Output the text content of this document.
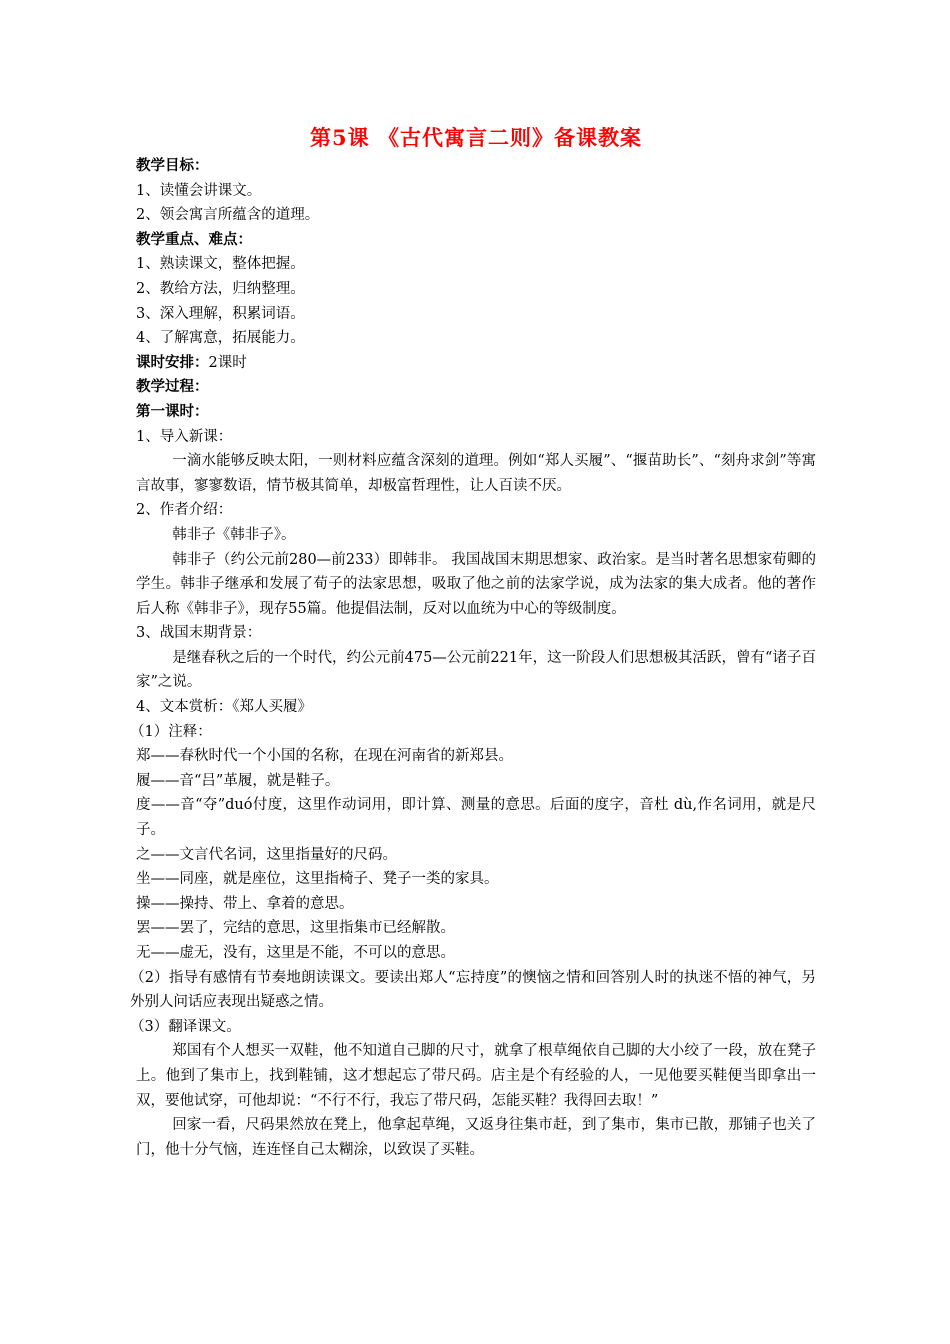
第5课 《古代寓言二则》备课教案
教学目标：
1、读懂会讲课文。
2、领会寓言所蕴含的道理。
教学重点、难点：
1、熟读课文，整体把握。
2、教给方法，归纳整理。
3、深入理解，积累词语。
4、了解寓意，拓展能力。
课时安排：2课时
教学过程：
第一课时：
1、导入新课：
一滴水能够反映太阳，一则材料应蕴含深刻的道理。例如“郑人买履”、“揠苗助长”、“刻舟求剑”等寓言故事，寥寥数语，情节极其简单，却极富哲理性，让人百读不厌。
2、作者介绍：
韩非子《韩非子》。
韩非子（约公元前280—前233）即韩非。 我国战国末期思想家、政治家。是当时著名思想家荀卿的学生。韩非子继承和发展了荀子的法家思想，吸取了他之前的法家学说，成为法家的集大成者。他的著作后人称《韩非子》，现存55篇。他提倡法制，反对以血统为中心的等级制度。
3、战国末期背景：
是继春秋之后的一个时代，约公元前475—公元前221年，这一阶段人们思想极其活跃，曾有“诸子百家”之说。
4、文本赏析：《郑人买履》
（1）注释：
郑——春秋时代一个小国的名称，在现在河南省的新郑县。
履——音“吕”革履，就是鞋子。
度——音“夺”duó付度，这里作动词用，即计算、测量的意思。后面的度字，音杜 dù,作名词用，就是尺子。
之——文言代名词，这里指量好的尺码。
坐——同座，就是座位，这里指椅子、凳子一类的家具。
操——操持、带上、拿着的意思。
罢——罢了，完结的意思，这里指集市已经解散。
无——虚无，没有，这里是不能，不可以的意思。
（2）指导有感情有节奏地朗读课文。要读出郑人“忘持度”的懊恼之情和回答别人时的执迷不悟的神气，另外别人问话应表现出疑惑之情。
（3）翻译课文。
郑国有个人想买一双鞋，他不知道自己脚的尺寸，就拿了根草绳依自己脚的大小绞了一段，放在凳子上。他到了集市上，找到鞋铺，这才想起忘了带尺码。店主是个有经验的人，一见他要买鞋便当即拿出一双，要他试穿，可他却说：“不行不行，我忘了带尺码，怎能买鞋？我得回去取！”
回家一看，尺码果然放在凳上，他拿起草绳，又返身往集市赶，到了集市，集市已散，那铺子也关了门，他十分气恼，连连怪自己太糊涂，以致误了买鞋。
